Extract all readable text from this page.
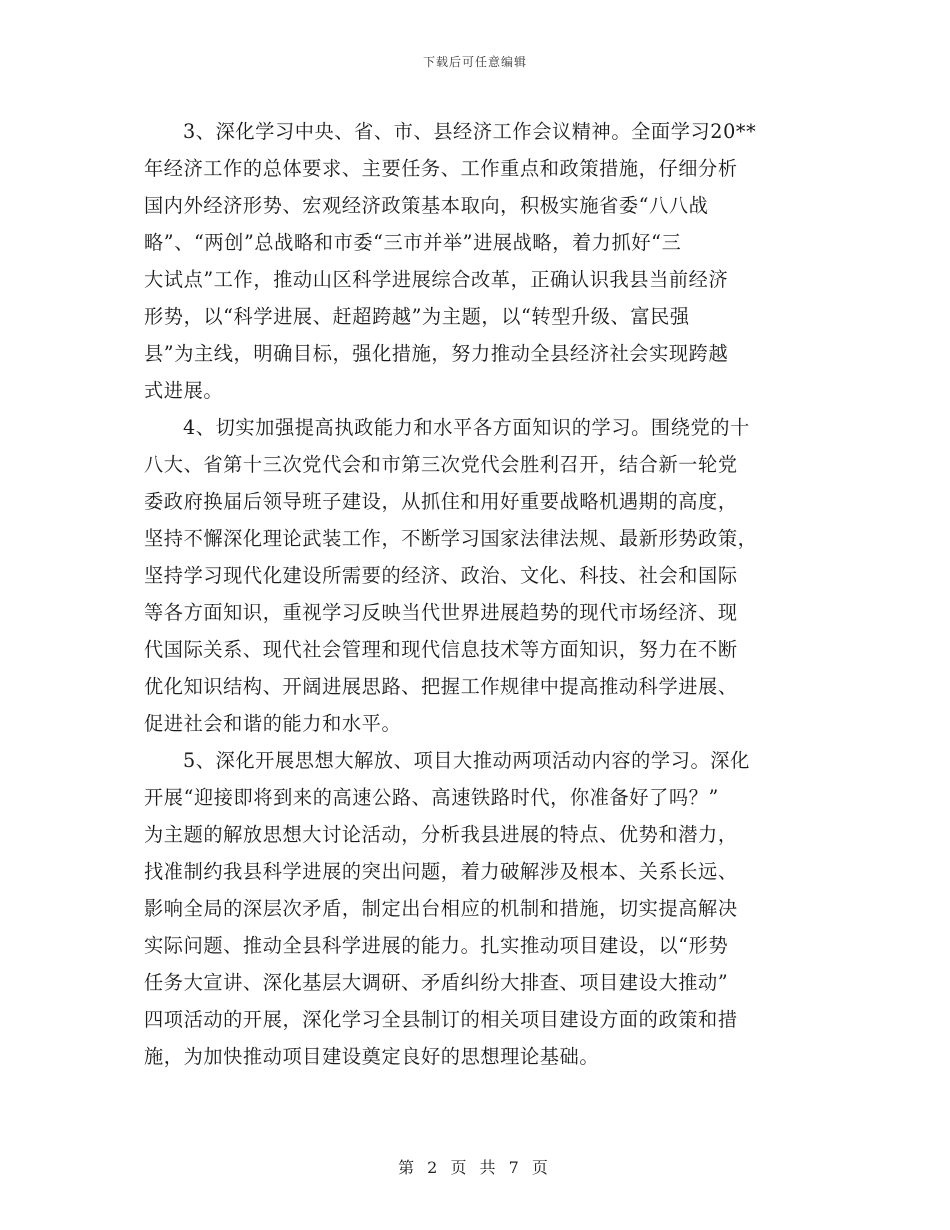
下载后可任意编辑
3、深化学习中央、省、市、县经济工作会议精神。全面学习20**
年经济工作的总体要求、主要任务、工作重点和政策措施，仔细分析
国内外经济形势、宏观经济政策基本取向，积极实施省委“八八战
略”、“两创”总战略和市委“三市并举”进展战略，着力抓好“三
大试点”工作，推动山区科学进展综合改革，正确认识我县当前经济
形势，以“科学进展、赶超跨越”为主题，以“转型升级、富民强
县”为主线，明确目标，强化措施，努力推动全县经济社会实现跨越
式进展。
4、切实加强提高执政能力和水平各方面知识的学习。围绕党的十
八大、省第十三次党代会和市第三次党代会胜利召开，结合新一轮党
委政府换届后领导班子建设，从抓住和用好重要战略机遇期的高度，
坚持不懈深化理论武装工作，不断学习国家法律法规、最新形势政策，
坚持学习现代化建设所需要的经济、政治、文化、科技、社会和国际
等各方面知识，重视学习反映当代世界进展趋势的现代市场经济、现
代国际关系、现代社会管理和现代信息技术等方面知识，努力在不断
优化知识结构、开阔进展思路、把握工作规律中提高推动科学进展、
促进社会和谐的能力和水平。
5、深化开展思想大解放、项目大推动两项活动内容的学习。深化
开展“迎接即将到来的高速公路、高速铁路时代，你准备好了吗？”
为主题的解放思想大讨论活动，分析我县进展的特点、优势和潜力，
找准制约我县科学进展的突出问题，着力破解涉及根本、关系长远、
影响全局的深层次矛盾，制定出台相应的机制和措施，切实提高解决
实际问题、推动全县科学进展的能力。扎实推动项目建设，以“形势
任务大宣讲、深化基层大调研、矛盾纠纷大排查、项目建设大推动”
四项活动的开展，深化学习全县制订的相关项目建设方面的政策和措
施，为加快推动项目建设奠定良好的思想理论基础。
第 2 页 共 7 页
